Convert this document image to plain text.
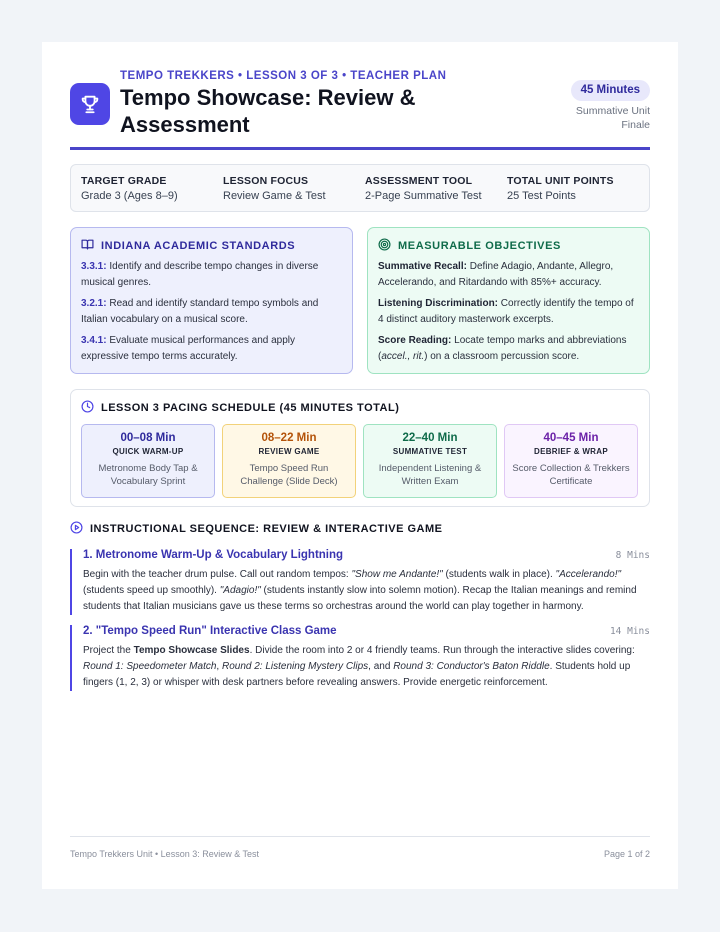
TEMPO TREKKERS • LESSON 3 OF 3 • TEACHER PLAN
Tempo Showcase: Review & Assessment
45 Minutes
Summative Unit
Finale
TARGET GRADE
Grade 3 (Ages 8–9)
LESSON FOCUS
Review Game & Test
ASSESSMENT TOOL
2-Page Summative Test
TOTAL UNIT POINTS
25 Test Points
INDIANA ACADEMIC STANDARDS
3.3.1: Identify and describe tempo changes in diverse musical genres.
3.2.1: Read and identify standard tempo symbols and Italian vocabulary on a musical score.
3.4.1: Evaluate musical performances and apply expressive tempo terms accurately.
MEASURABLE OBJECTIVES
Summative Recall: Define Adagio, Andante, Allegro, Accelerando, and Ritardando with 85%+ accuracy.
Listening Discrimination: Correctly identify the tempo of 4 distinct auditory masterwork excerpts.
Score Reading: Locate tempo marks and abbreviations (accel., rit.) on a classroom percussion score.
LESSON 3 PACING SCHEDULE (45 MINUTES TOTAL)
00–08 Min
QUICK WARM-UP
Metronome Body Tap & Vocabulary Sprint
08–22 Min
REVIEW GAME
Tempo Speed Run Challenge (Slide Deck)
22–40 Min
SUMMATIVE TEST
Independent Listening & Written Exam
40–45 Min
DEBRIEF & WRAP
Score Collection & Trekkers Certificate
INSTRUCTIONAL SEQUENCE: REVIEW & INTERACTIVE GAME
1. Metronome Warm-Up & Vocabulary Lightning	8 Mins
Begin with the teacher drum pulse. Call out random tempos: "Show me Andante!" (students walk in place). "Accelerando!" (students speed up smoothly). "Adagio!" (students instantly slow into solemn motion). Recap the Italian meanings and remind students that Italian musicians gave us these terms so orchestras around the world can play together in harmony.
2. "Tempo Speed Run" Interactive Class Game	14 Mins
Project the Tempo Showcase Slides. Divide the room into 2 or 4 friendly teams. Run through the interactive slides covering: Round 1: Speedometer Match, Round 2: Listening Mystery Clips, and Round 3: Conductor's Baton Riddle. Students hold up fingers (1, 2, 3) or whisper with desk partners before revealing answers. Provide energetic reinforcement.
Tempo Trekkers Unit • Lesson 3: Review & Test	Page 1 of 2
